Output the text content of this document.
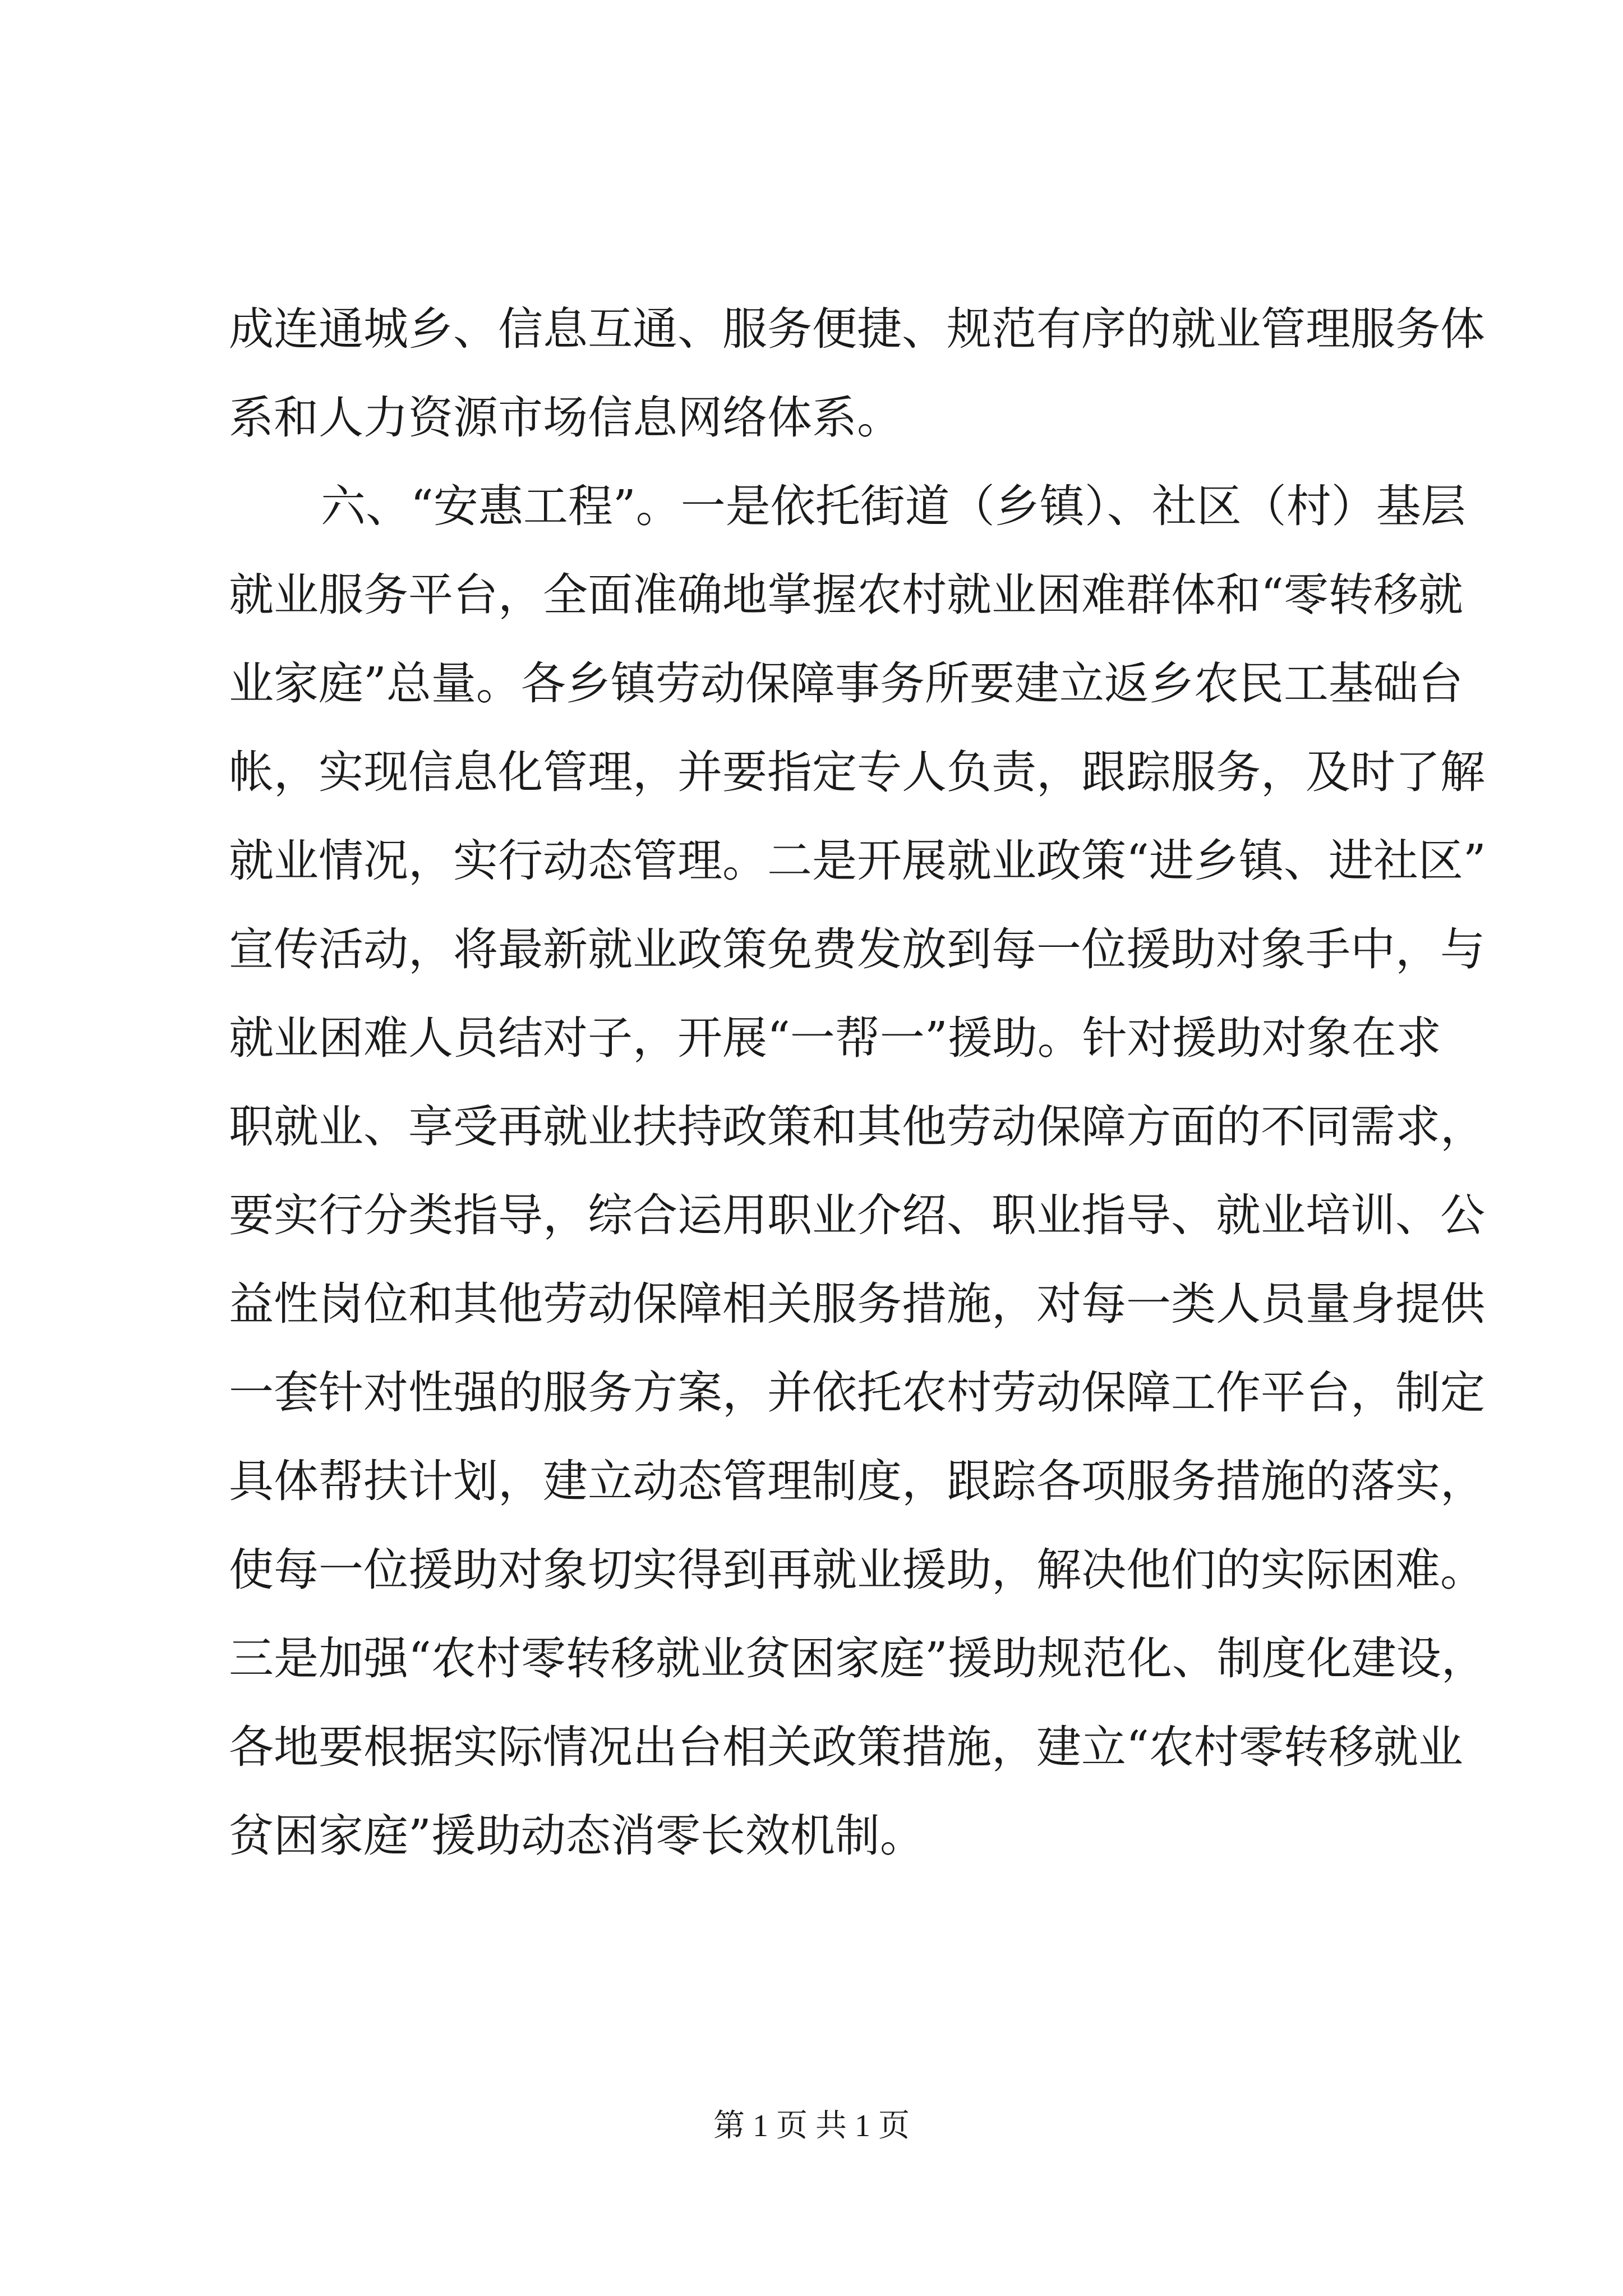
成连通城乡、信息互通、服务便捷、规范有序的就业管理服务体
系和人力资源市场信息网络体系。
六、“安惠工程”。一是依托街道（乡镇）、社区（村）基层
就业服务平台，全面准确地掌握农村就业困难群体和“零转移就
业家庭”总量。各乡镇劳动保障事务所要建立返乡农民工基础台
帐，实现信息化管理，并要指定专人负责，跟踪服务，及时了解
就业情况，实行动态管理。二是开展就业政策“进乡镇、进社区”
宣传活动，将最新就业政策免费发放到每一位援助对象手中，与
就业困难人员结对子，开展“一帮一”援助。针对援助对象在求
职就业、享受再就业扶持政策和其他劳动保障方面的不同需求，
要实行分类指导，综合运用职业介绍、职业指导、就业培训、公
益性岗位和其他劳动保障相关服务措施，对每一类人员量身提供
一套针对性强的服务方案，并依托农村劳动保障工作平台，制定
具体帮扶计划，建立动态管理制度，跟踪各项服务措施的落实，
使每一位援助对象切实得到再就业援助，解决他们的实际困难。
三是加强“农村零转移就业贫困家庭”援助规范化、制度化建设，
各地要根据实际情况出台相关政策措施，建立“农村零转移就业
贫困家庭”援助动态消零长效机制。
第 1 页 共 1 页
